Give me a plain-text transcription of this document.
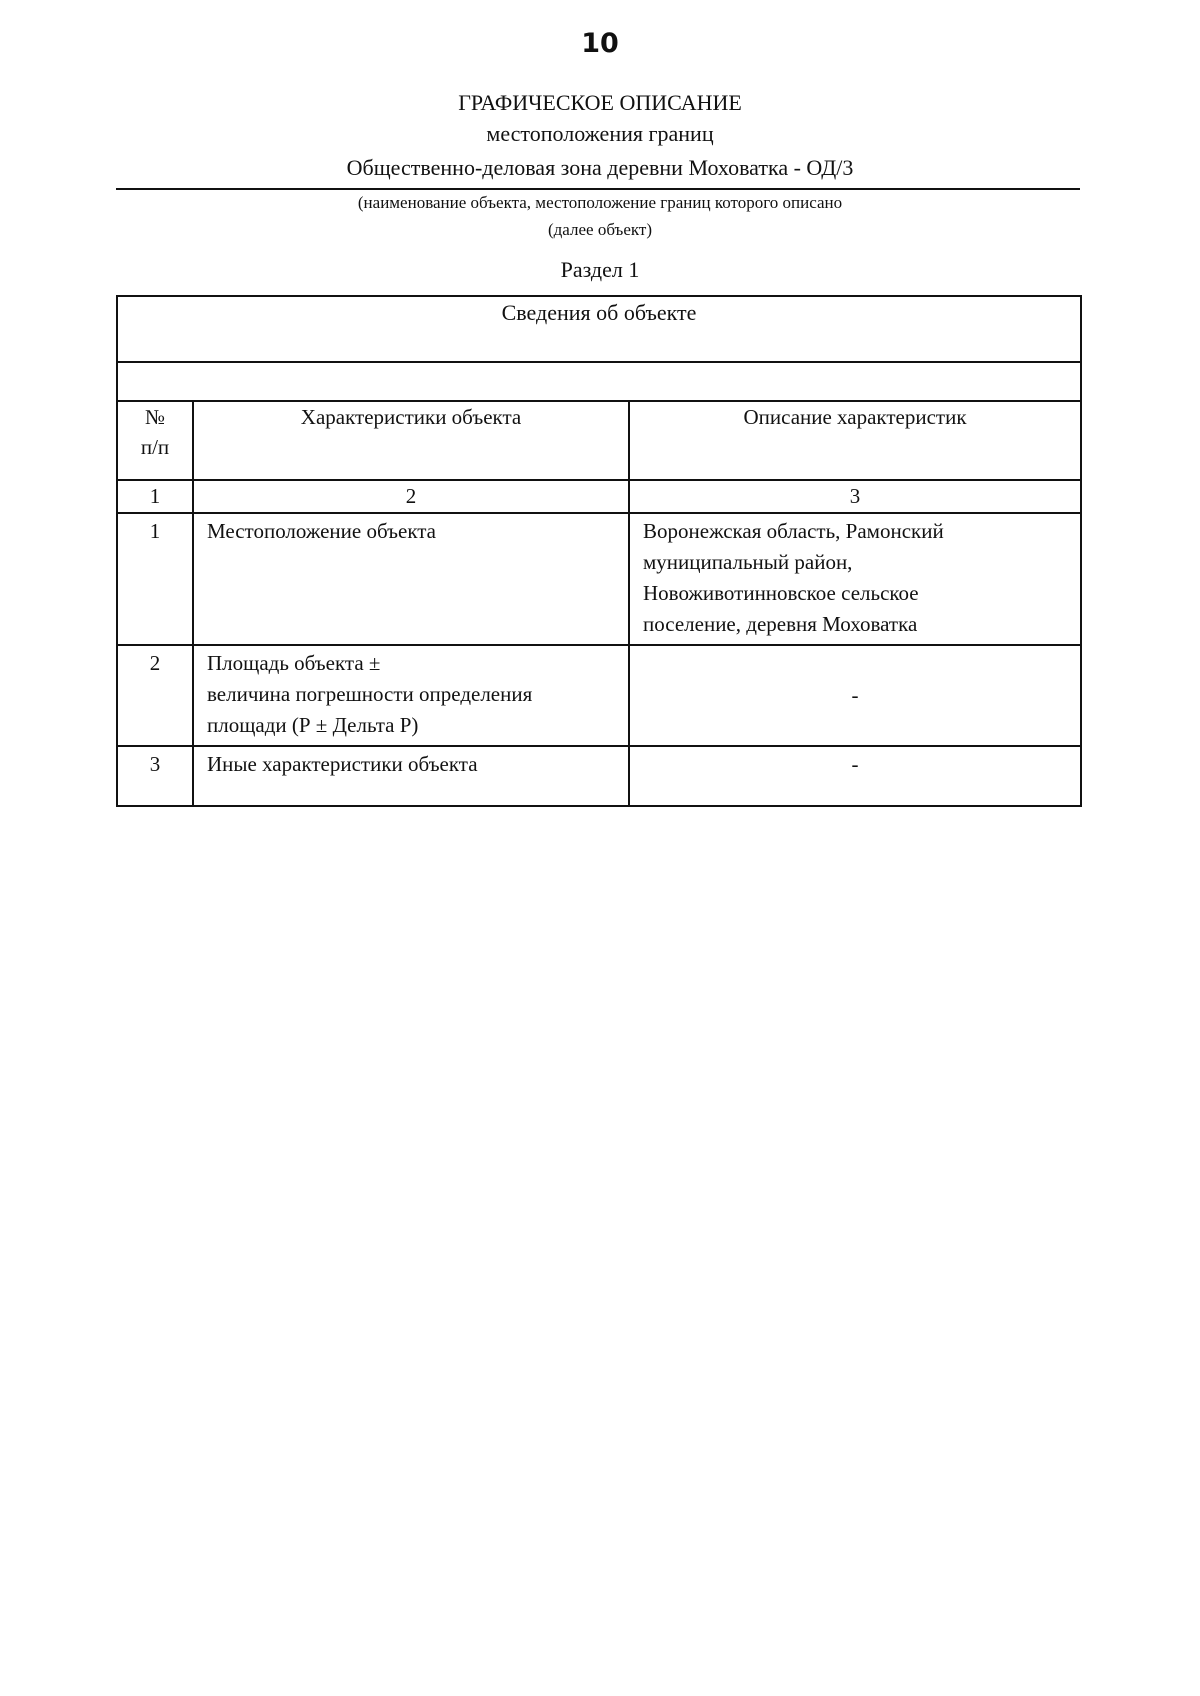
10
ГРАФИЧЕСКОЕ ОПИСАНИЕ
местоположения границ
Общественно-деловая зона деревни Моховатка - ОД/3
(наименование объекта, местоположение границ которого описано
(далее объект)
Раздел 1
Сведения об объекте		

№
п/п	Характеристики объекта	Описание характеристик
1	2	3
1	Местоположение объекта	Воронежская область, Рамонский
муниципальный район,
Новоживотинновское сельское
поселение, деревня Моховатка

2	Площадь объекта ±
величина погрешности определения
площади (Р ± Дельта Р)	-
3	Иные характеристики объекта	-
